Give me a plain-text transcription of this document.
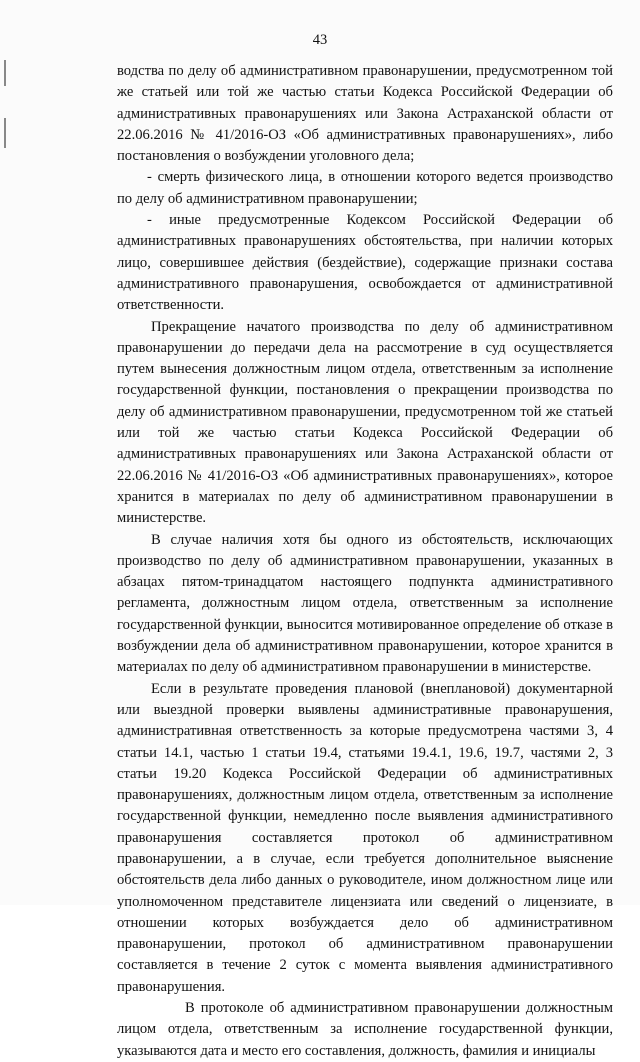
43

водства по делу об административном правонарушении, предусмотренном той же статьей или той же частью статьи Кодекса Российской Федерации об административных правонарушениях или Закона Астраханской области от 22.06.2016 № 41/2016-ОЗ «Об административных правонарушениях», либо постановления о возбуждении уголовного дела;

- смерть физического лица, в отношении которого ведется производство по делу об административном правонарушении;

- иные предусмотренные Кодексом Российской Федерации об административных правонарушениях обстоятельства, при наличии которых лицо, совершившее действия (бездействие), содержащие признаки состава административного правонарушения, освобождается от административной ответственности.

Прекращение начатого производства по делу об административном правонарушении до передачи дела на рассмотрение в суд осуществляется путем вынесения должностным лицом отдела, ответственным за исполнение государственной функции, постановления о прекращении производства по делу об административном правонарушении, предусмотренном той же статьей или той же частью статьи Кодекса Российской Федерации об административных правонарушениях или Закона Астраханской области от 22.06.2016 № 41/2016-ОЗ «Об административных правонарушениях», которое хранится в материалах по делу об административном правонарушении в министерстве.

В случае наличия хотя бы одного из обстоятельств, исключающих производство по делу об административном правонарушении, указанных в абзацах пятом-тринадцатом настоящего подпункта административного регламента, должностным лицом отдела, ответственным за исполнение государственной функции, выносится мотивированное определение об отказе в возбуждении дела об административном правонарушении, которое хранится в материалах по делу об административном правонарушении в министерстве.

Если в результате проведения плановой (внеплановой) документарной или выездной проверки выявлены административные правонарушения, административная ответственность за которые предусмотрена частями 3, 4 статьи 14.1, частью 1 статьи 19.4, статьями 19.4.1, 19.6, 19.7, частями 2, 3 статьи 19.20 Кодекса Российской Федерации об административных правонарушениях, должностным лицом отдела, ответственным за исполнение государственной функции, немедленно после выявления административного правонарушения составляется протокол об административном правонарушении, а в случае, если требуется дополнительное выяснение обстоятельств дела либо данных о руководителе, ином должностном лице или уполномоченном представителе лицензиата или сведений о лицензиате, в отношении которых возбуждается дело об административном правонарушении, протокол об административном правонарушении составляется в течение 2 суток с момента выявления административного правонарушения.

В протоколе об административном правонарушении должностным лицом отдела, ответственным за исполнение государственной функции, указываются дата и место его составления, должность, фамилия и инициалы
